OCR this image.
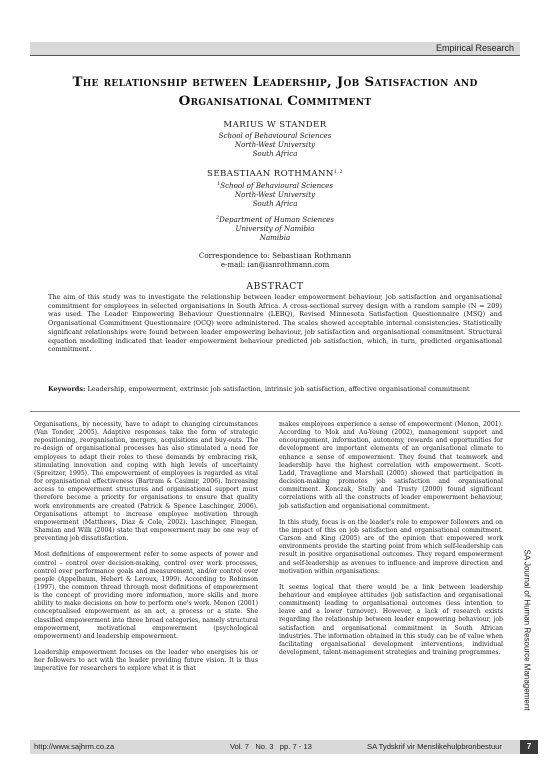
Empirical Research
The relationship between Leadership, Job Satisfaction and
Organisational Commitment
MARIUS W STANDER
School of Behavioural Sciences
North-West University
South Africa
SEBASTIAAN ROTHMANN$^{1,2}$
$^1$School of Behavioural Sciences
North-West University
South Africa
$^2$Department of Human Sciences
University of Namibia
Namibia
Correspondence to: Sebastiaan Rothmann
e-mail: ian@ianrothmann.com
ABSTRACT
The aim of this study was to investigate the relationship between leader empowerment behaviour, job satisfaction and organisational commitment for employees in selected organisations in South Africa. A cross-sectional survey design with a random sample (N = 209) was used. The Leader Empowering Behaviour Questionnaire (LEBQ), Revised Minnesota Satisfaction Questionnaire (MSQ) and Organisational Commitment Questionnaire (OCQ) were administered. The scales showed acceptable internal consistencies. Statistically significant relationships were found between leader empowering behaviour, job satisfaction and organisational commitment. Structural equation modelling indicated that leader empowerment behaviour predicted job satisfaction, which, in turn, predicted organisational commitment.
Keywords: Leadership, empowerment, extrinsic job satisfaction, intrinsic job satisfaction, affective organisational commitment

Organisations, by necessity, have to adapt to changing circumstances (Van Tonder, 2005). Adaptive responses take the form of strategic repositioning, reorganisation, mergers, acquisitions and buy-outs. The re-design of organisational processes has also stimulated a need for employees to adapt their roles to these demands by embracing risk, stimulating innovation and coping with high levels of uncertainty (Spreitzer, 1995). The empowerment of employees is regarded as vital for organisational effectiveness (Bartram & Casimir, 2006). Increasing access to empowerment structures and organisational support must therefore become a priority for organisations to ensure that quality work environments are created (Patrick & Spence Laschinger, 2006). Organisations attempt to increase employee motivation through empowerment (Matthews, Diaz & Cole, 2002). Laschinger, Finegan, Shamian and Wilk (2004) state that empowerment may be one way of preventing job dissatisfaction.

Most definitions of empowerment refer to some aspects of power and control – control over decision-making, control over work processes, control over performance goals and measurement, and/or control over people (Appelbaum, Hebert & Leroux, 1999). According to Robinson (1997), the common thread through most definitions of empowerment is the concept of providing more information, more skills and more ability to make decisions on how to perform one's work. Menon (2001) conceptualised empowerment as an act, a process or a state. She classified empowerment into three broad categories, namely structural empowerment, motivational empowerment (psychological empowerment) and leadership empowerment.

Leadership empowerment focuses on the leader who energises his or her followers to act with the leader providing future vision. It is thus imperative for researchers to explore what it is that

makes employees experience a sense of empowerment (Menon, 2001). According to Mok and Au-Yeung (2002), management support and encouragement, information, autonomy, rewards and opportunities for development are important elements of an organisational climate to enhance a sense of empowerment. They found that teamwork and leadership have the highest correlation with empowerment. Scott-Ladd, Travaglione and Marshall (2005) showed that participation in decision-making promotes job satisfaction and organisational commitment. Konczak, Stelly and Trusty (2000) found significant correlations with all the constructs of leader empowerment behaviour, job satisfaction and organisational commitment.

In this study, focus is on the leader's role to empower followers and on the impact of this on job satisfaction and organisational commitment. Carson and King (2005) are of the opinion that empowered work environments provide the starting point from which self-leadership can result in positive organisational outcomes. They regard empowerment and self-leadership as avenues to influence and improve direction and motivation within organisations.

It seems logical that there would be a link between leadership behaviour and employee attitudes (job satisfaction and organisational commitment) leading to organisational outcomes (less intention to leave and a lower turnover). However, a lack of research exists regarding the relationship between leader empowering behaviour, job satisfaction and organisational commitment in South African industries. The information obtained in this study can be of value when facilitating organisational development interventions, individual development, talent-management strategies and training programmes.	SA Journal of Human Resource Management
http://www.sajhrm.co.za	Vol. 7   No. 3   pp. 7 - 13	SA Tydskrif vir Menslikehulpbronbestuur	7
